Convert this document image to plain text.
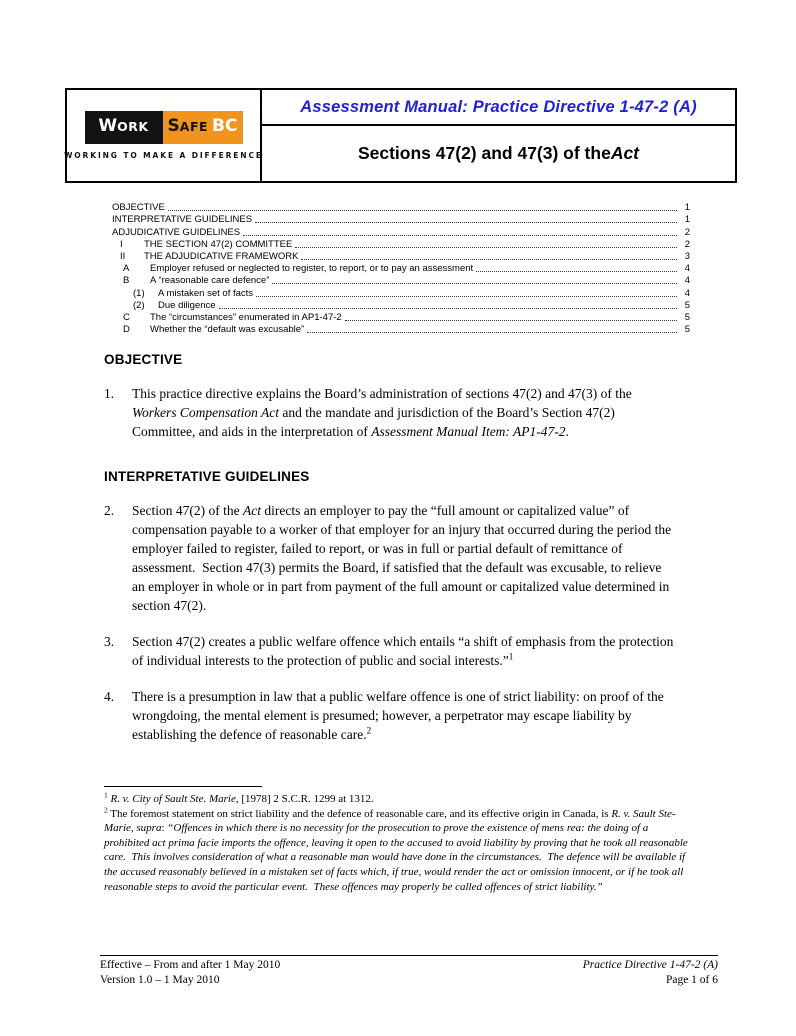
W ORK S AFE BC
WORKING TO MAKE A DIFFERENCE
Assessment Manual: Practice Directive 1-47-2 (A)
Sections 47(2) and 47(3) of the Act
OBJECTIVE	1
INTERPRETATIVE GUIDELINES	1
ADJUDICATIVE GUIDELINES	2
I	THE SECTION 47(2) COMMITTEE	2
II	THE ADJUDICATIVE FRAMEWORK	3
A	Employer refused or neglected to register, to report, or to pay an assessment	4
B	A “reasonable care defence”	4
(1)	A mistaken set of facts	4
(2)	Due diligence	5
C	The “circumstances” enumerated in AP1-47-2	5
D	Whether the “default was excusable”	5
OBJECTIVE
1.	This practice directive explains the Board’s administration of sections 47(2) and 47(3) of the Workers Compensation Act and the mandate and jurisdiction of the Board’s Section 47(2) Committee, and aids in the interpretation of Assessment Manual Item: AP1-47-2.
INTERPRETATIVE GUIDELINES
2.	Section 47(2) of the Act directs an employer to pay the “full amount or capitalized value” of compensation payable to a worker of that employer for an injury that occurred during the period the employer failed to register, failed to report, or was in full or partial default of remittance of assessment.  Section 47(3) permits the Board, if satisfied that the default was excusable, to relieve an employer in whole or in part from payment of the full amount or capitalized value determined in section 47(2).
3.	Section 47(2) creates a public welfare offence which entails “a shift of emphasis from the protection of individual interests to the protection of public and social interests.”$^1$
4.	There is a presumption in law that a public welfare offence is one of strict liability: on proof of the wrongdoing, the mental element is presumed; however, a perpetrator may escape liability by establishing the defence of reasonable care.$^2$
$^1$ R. v. City of Sault Ste. Marie, [1978] 2 S.C.R. 1299 at 1312.
$^2$ The foremost statement on strict liability and the defence of reasonable care, and its effective origin in Canada, is R. v. Sault Ste-Marie, supra: “Offences in which there is no necessity for the prosecution to prove the existence of mens rea: the doing of a prohibited act prima facie imports the offence, leaving it open to the accused to avoid liability by proving that he took all reasonable care.  This involves consideration of what a reasonable man would have done in the circumstances.  The defence will be available if the accused reasonably believed in a mistaken set of facts which, if true, would render the act or omission innocent, or if he took all reasonable steps to avoid the particular event.  These offences may properly be called offences of strict liability.”
Effective – From and after 1 May 2010
Version 1.0 – 1 May 2010
Practice Directive 1-47-2 (A)
Page 1 of 6
